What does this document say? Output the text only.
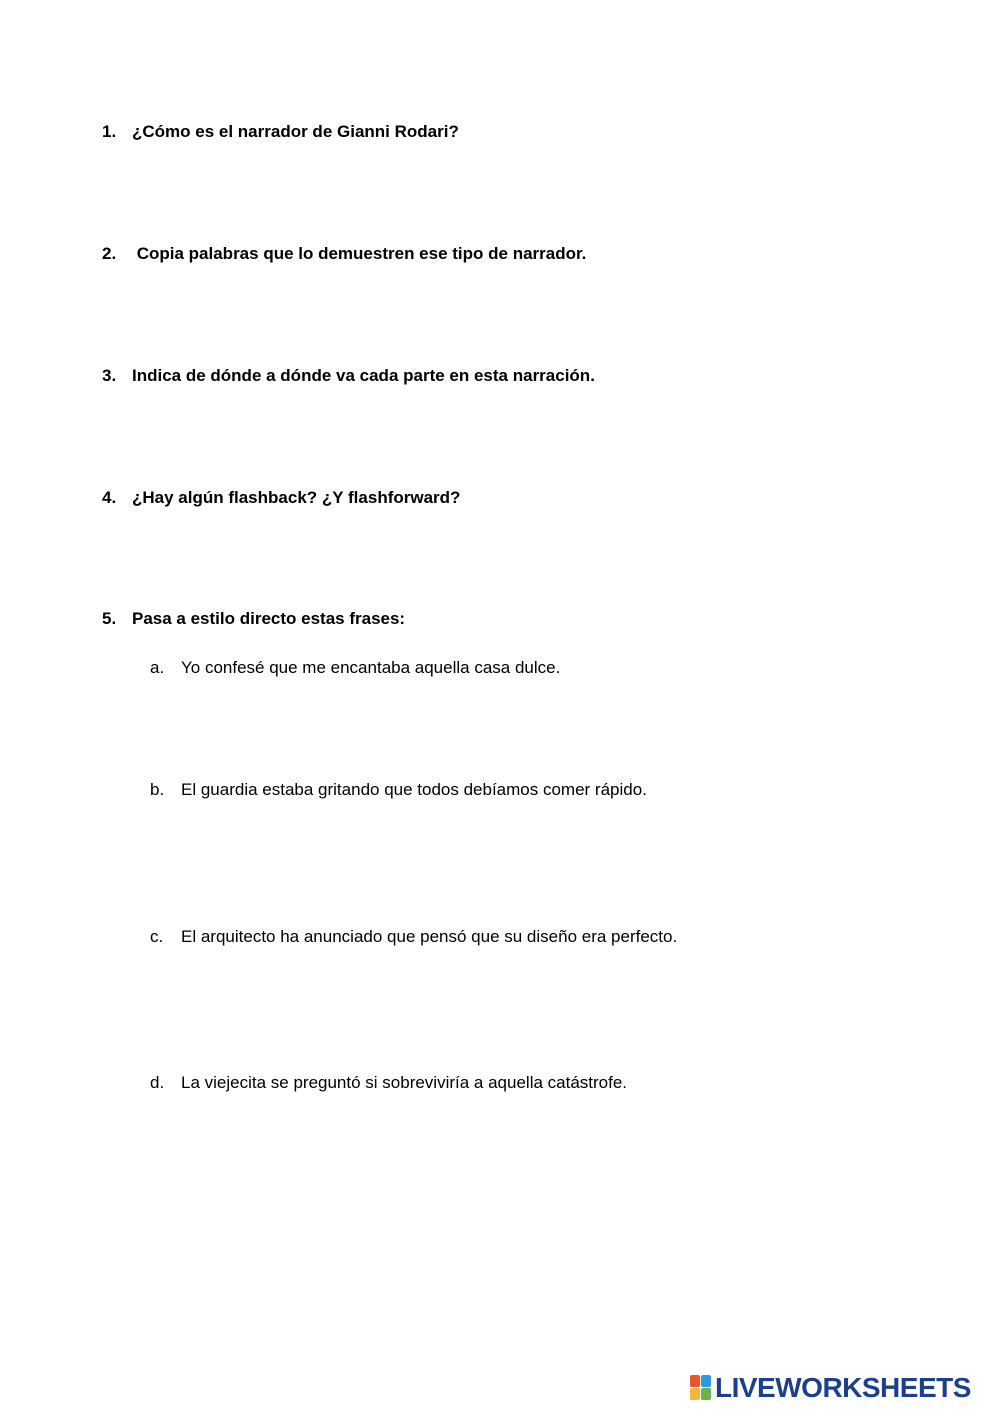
1. ¿Cómo es el narrador de Gianni Rodari?
2. Copia palabras que lo demuestren ese tipo de narrador.
3. Indica de dónde a dónde va cada parte en esta narración.
4. ¿Hay algún flashback? ¿Y flashforward?
5. Pasa a estilo directo estas frases:
a. Yo confesé que me encantaba aquella casa dulce.
b. El guardia estaba gritando que todos debíamos comer rápido.
c. El arquitecto ha anunciado que pensó que su diseño era perfecto.
d. La viejecita se preguntó si sobreviviría a aquella catástrofe.
LIVEWORKSHEETS
